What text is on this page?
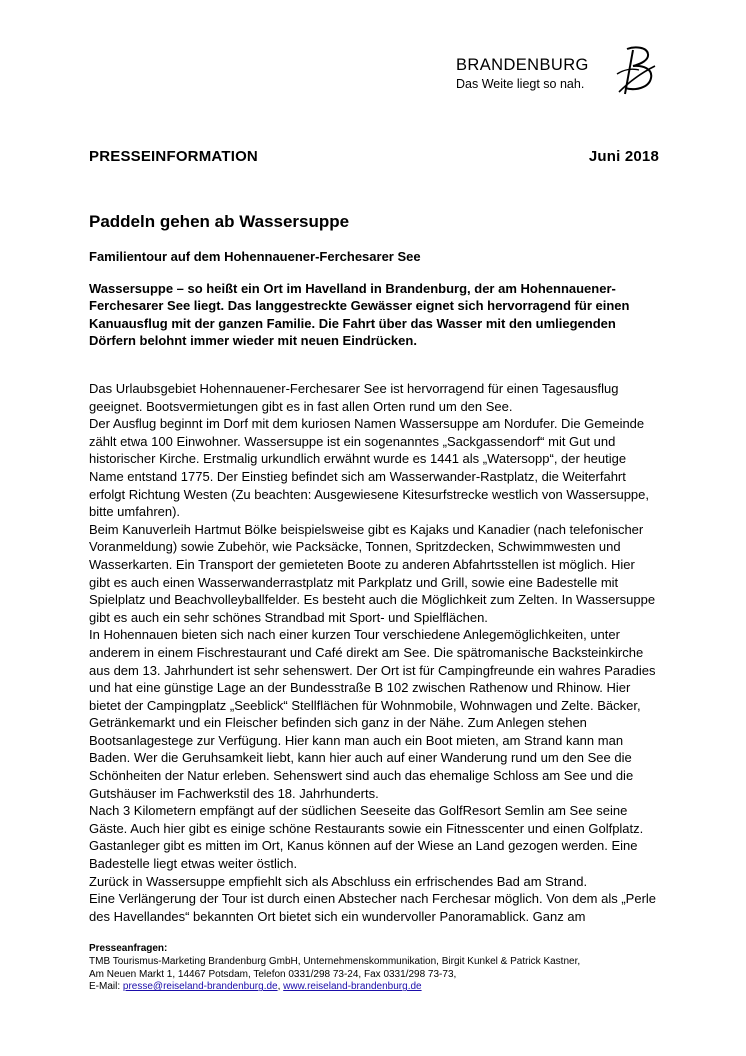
BRANDENBURG
Das Weite liegt so nah.
PRESSEINFORMATION	Juni 2018
Paddeln gehen ab Wassersuppe
Familientour auf dem Hohennauener-Ferchesarer See
Wassersuppe – so heißt ein Ort im Havelland in Brandenburg, der am Hohennauener-Ferchesarer See liegt. Das langgestreckte Gewässer eignet sich hervorragend für einen Kanuausflug mit der ganzen Familie. Die Fahrt über das Wasser mit den umliegenden Dörfern belohnt immer wieder mit neuen Eindrücken.

Das Urlaubsgebiet Hohennauener-Ferchesarer See ist hervorragend für einen Tagesausflug geeignet. Bootsvermietungen gibt es in fast allen Orten rund um den See.

Der Ausflug beginnt im Dorf mit dem kuriosen Namen Wassersuppe am Nordufer. Die Gemeinde zählt etwa 100 Einwohner. Wassersuppe ist ein sogenanntes „Sackgassendorf“ mit Gut und historischer Kirche. Erstmalig urkundlich erwähnt wurde es 1441 als „Watersopp“, der heutige Name entstand 1775. Der Einstieg befindet sich am Wasserwander-Rastplatz, die Weiterfahrt erfolgt Richtung Westen (Zu beachten: Ausgewiesene Kitesurfstrecke westlich von Wassersuppe, bitte umfahren).

Beim Kanuverleih Hartmut Bölke beispielsweise gibt es Kajaks und Kanadier (nach telefonischer Voranmeldung) sowie Zubehör, wie Packsäcke, Tonnen, Spritzdecken, Schwimmwesten und Wasserkarten. Ein Transport der gemieteten Boote zu anderen Abfahrtsstellen ist möglich. Hier gibt es auch einen Wasserwanderrastplatz mit Parkplatz und Grill, sowie eine Badestelle mit Spielplatz und Beachvolleyballfelder. Es besteht auch die Möglichkeit zum Zelten. In Wassersuppe gibt es auch ein sehr schönes Strandbad mit Sport- und Spielflächen.

In Hohennauen bieten sich nach einer kurzen Tour verschiedene Anlegemöglichkeiten, unter anderem in einem Fischrestaurant und Café direkt am See. Die spätromanische Backsteinkirche aus dem 13. Jahrhundert ist sehr sehenswert. Der Ort ist für Campingfreunde ein wahres Paradies und hat eine günstige Lage an der Bundesstraße B 102 zwischen Rathenow und Rhinow. Hier bietet der Campingplatz „Seeblick“ Stellflächen für Wohnmobile, Wohnwagen und Zelte. Bäcker, Getränkemarkt und ein Fleischer befinden sich ganz in der Nähe. Zum Anlegen stehen Bootsanlagestege zur Verfügung. Hier kann man auch ein Boot mieten, am Strand kann man Baden. Wer die Geruhsamkeit liebt, kann hier auch auf einer Wanderung rund um den See die Schönheiten der Natur erleben. Sehenswert sind auch das ehemalige Schloss am See und die Gutshäuser im Fachwerkstil des 18. Jahrhunderts.

Nach 3 Kilometern empfängt auf der südlichen Seeseite das GolfResort Semlin am See seine Gäste. Auch hier gibt es einige schöne Restaurants sowie ein Fitnesscenter und einen Golfplatz. Gastanleger gibt es mitten im Ort, Kanus können auf der Wiese an Land gezogen werden. Eine Badestelle liegt etwas weiter östlich.

Zurück in Wassersuppe empfiehlt sich als Abschluss ein erfrischendes Bad am Strand.

Eine Verlängerung der Tour ist durch einen Abstecher nach Ferchesar möglich. Von dem als „Perle des Havellandes“ bekannten Ort bietet sich ein wundervoller Panoramablick. Ganz am

Presseanfragen:
TMB Tourismus-Marketing Brandenburg GmbH, Unternehmenskommunikation, Birgit Kunkel & Patrick Kastner,
Am Neuen Markt 1, 14467 Potsdam, Telefon 0331/298 73-24, Fax 0331/298 73-73,
E-Mail: presse@reiseland-brandenburg.de, www.reiseland-brandenburg.de
